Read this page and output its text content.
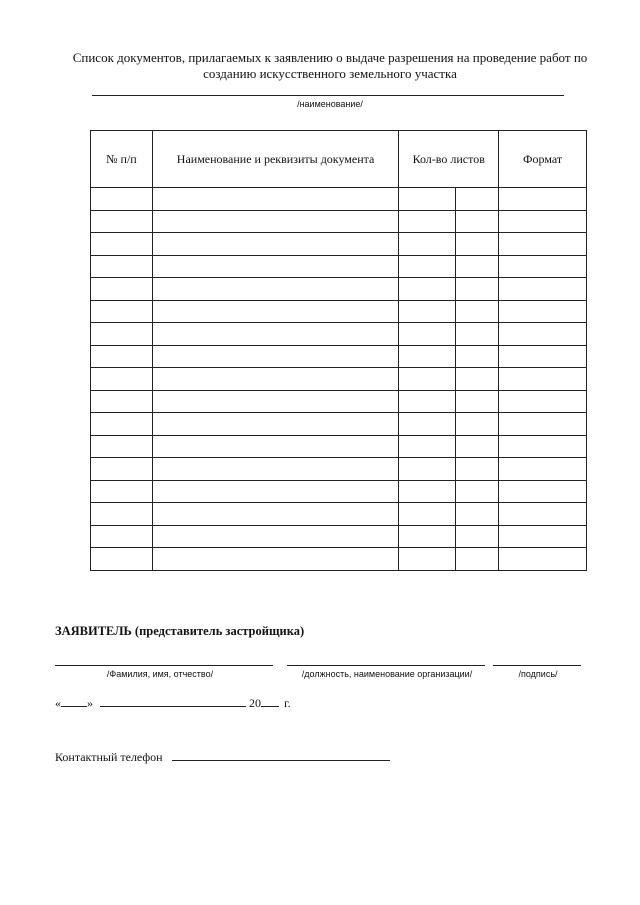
Список документов, прилагаемых к заявлению о выдаче разрешения на проведение работ по созданию искусственного земельного участка
/наименование/
№ п/п	Наименование и реквизиты документа	Кол-во листов		Формат

ЗАЯВИТЕЛЬ (представитель застройщика)
/Фамилия, имя, отчество/	/должность, наименование организации/	/подпись/
« »	20 г.
Контактный телефон
